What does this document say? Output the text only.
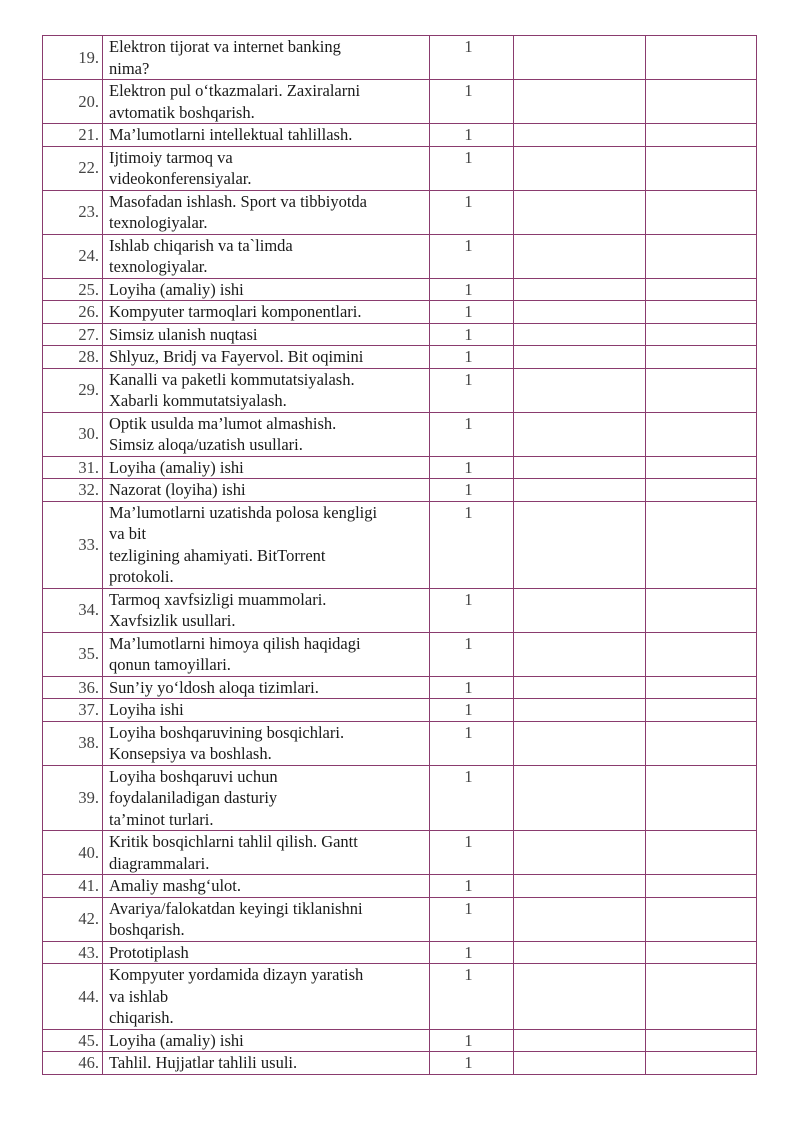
19.	Elektron tijorat va internet banking
nima?	1		
20.	Elektron pul o‘tkazmalari. Zaxiralarni
avtomatik boshqarish.	1		
21.	Ma’lumotlarni intellektual tahlillash.	1		
22.	Ijtimoiy tarmoq va
videokonferensiyalar.	1		
23.	Masofadan ishlash. Sport va tibbiyotda
texnologiyalar.	1		
24.	Ishlab chiqarish va ta`limda
texnologiyalar.	1		
25.	Loyiha (amaliy) ishi	1		
26.	Kompyuter tarmoqlari komponentlari.	1		
27.	Simsiz ulanish nuqtasi	1		
28.	Shlyuz, Bridj va Fayervol. Bit oqimini	1		
29.	Kanalli va paketli kommutatsiyalash.
Xabarli kommutatsiyalash.	1		
30.	Optik usulda ma’lumot almashish.
Simsiz aloqa/uzatish usullari.	1		
31.	Loyiha (amaliy) ishi	1		
32.	Nazorat (loyiha) ishi	1		
33.	Ma’lumotlarni uzatishda polosa kengligi
va bit
tezligining ahamiyati. BitTorrent
protokoli.	1		
34.	Tarmoq xavfsizligi muammolari.
Xavfsizlik usullari.	1		
35.	Ma’lumotlarni himoya qilish haqidagi
qonun tamoyillari.	1		
36.	Sun’iy yo‘ldosh aloqa tizimlari.	1		
37.	Loyiha ishi	1		
38.	Loyiha boshqaruvining bosqichlari.
Konsepsiya va boshlash.	1		
39.	Loyiha boshqaruvi uchun
foydalaniladigan dasturiy
ta’minot turlari.	1		
40.	Kritik bosqichlarni tahlil qilish. Gantt
diagrammalari.	1		
41.	Amaliy mashg‘ulot.	1		
42.	Avariya/falokatdan keyingi tiklanishni
boshqarish.	1		
43.	Prototiplash	1		
44.	Kompyuter yordamida dizayn yaratish
va ishlab
chiqarish.	1		
45.	Loyiha (amaliy) ishi	1		
46.	Tahlil. Hujjatlar tahlili usuli.	1		
